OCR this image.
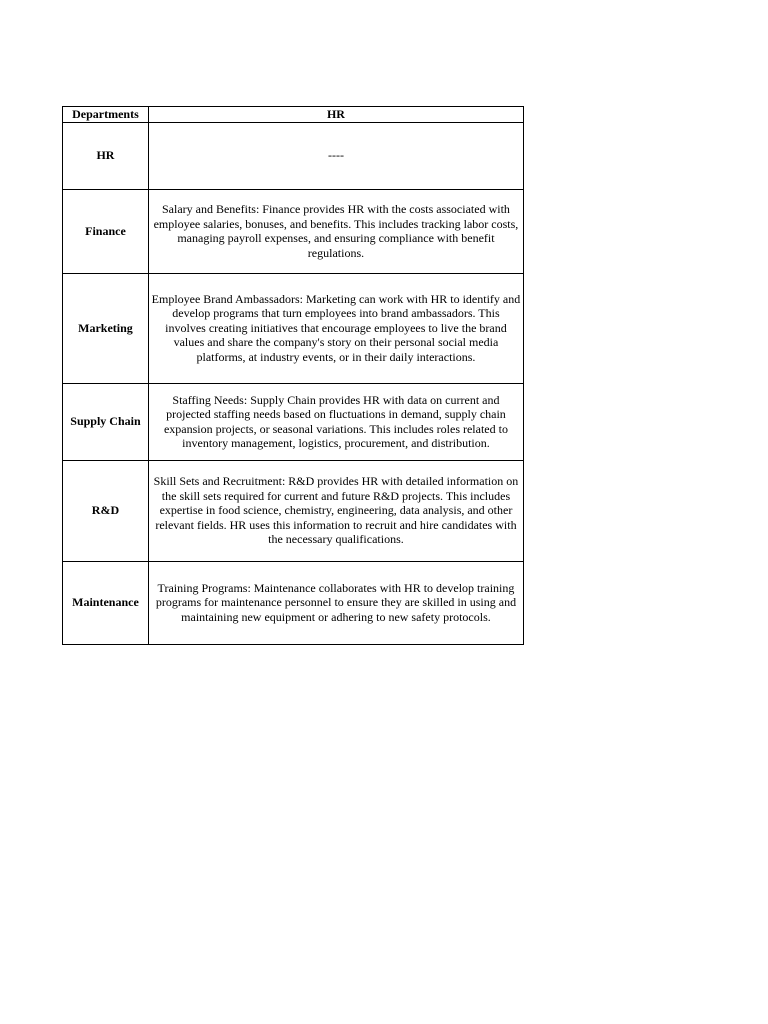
Departments	HR
HR	----
Finance	Salary and Benefits: Finance provides HR with the costs associated with employee salaries, bonuses, and benefits. This includes tracking labor costs, managing payroll expenses, and ensuring compliance with benefit regulations.
Marketing	Employee Brand Ambassadors: Marketing can work with HR to identify and develop programs that turn employees into brand ambassadors. This involves creating initiatives that encourage employees to live the brand values and share the company's story on their personal social media platforms, at industry events, or in their daily interactions.
Supply Chain	Staffing Needs: Supply Chain provides HR with data on current and projected staffing needs based on fluctuations in demand, supply chain expansion projects, or seasonal variations. This includes roles related to inventory management, logistics, procurement, and distribution.
R&D	Skill Sets and Recruitment: R&D provides HR with detailed information on the skill sets required for current and future R&D projects. This includes expertise in food science, chemistry, engineering, data analysis, and other relevant fields. HR uses this information to recruit and hire candidates with the necessary qualifications.
Maintenance	Training Programs: Maintenance collaborates with HR to develop training programs for maintenance personnel to ensure they are skilled in using and maintaining new equipment or adhering to new safety protocols.
